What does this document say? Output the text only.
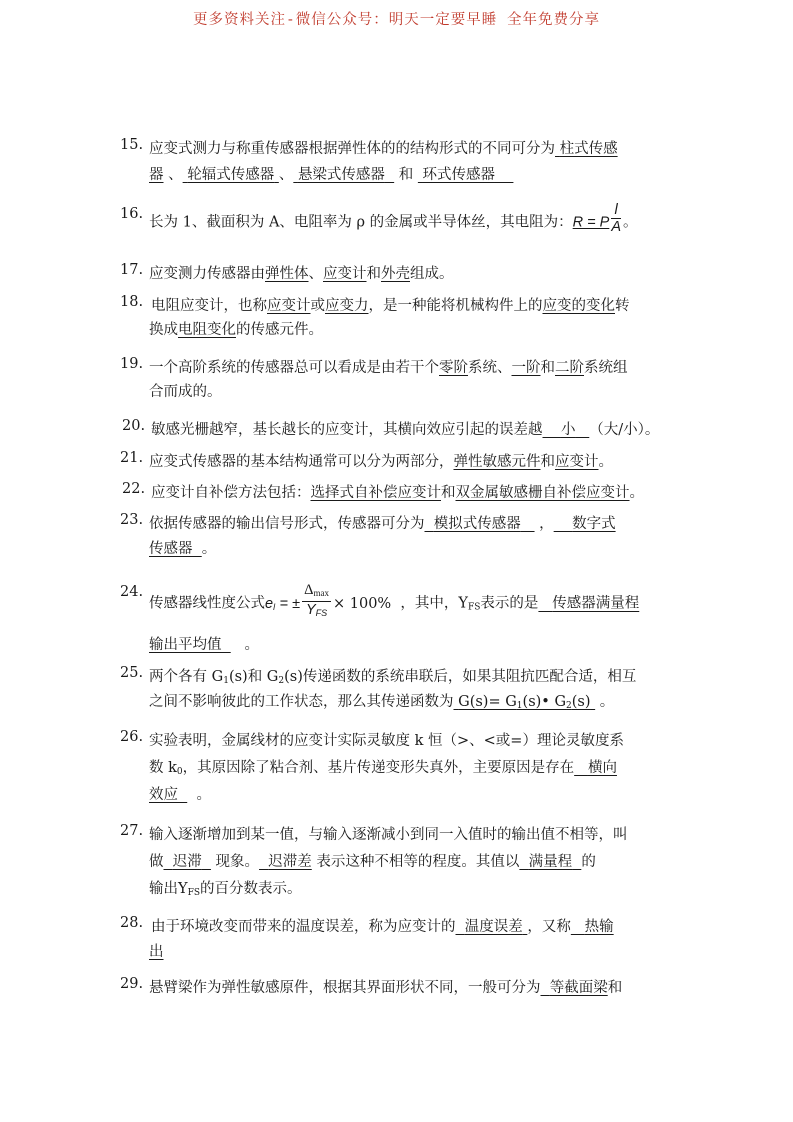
更多资料关注-微信公众号：明天一定要早睡 全年免费分享
15. 应变式测力与称重传感器根据弹性体的的结构形式的不同可分为 柱式传感
器 、 轮辐式传感器 、 悬梁式传感器 和 环式传感器
16.
长为 1、截面积为 A、电阻率为 ρ 的金属或半导体丝，其电阻为：R = P $\frac{l}{A}$ 。
17. 应变测力传感器由弹性体、应变计和外壳组成。
18. 电阻应变计，也称应变计或应变力，是一种能将机械构件上的应变的变化转
换成电阻变化的传感元件。
19. 一个高阶系统的传感器总可以看成是由若干个零阶系统、一阶和二阶系统组
合而成的。
20. 敏感光栅越窄，基长越长的应变计，其横向效应引起的误差越 小 （大/小）。
21. 应变式传感器的基本结构通常可以分为两部分，弹性敏感元件和应变计。
22. 应变计自补偿方法包括：选择式自补偿应变计和双金属敏感栅自补偿应变计。
23. 依据传感器的输出信号形式，传感器可分为 模拟式传感器 ， 数字式
传感器 。
24.
传感器线性度公式$e_l$ = ± $\frac{\Delta_{max}}{Y_{FS}} \times 100\%$ ，其中，$Y_{FS}$表示的是 传感器满量程
输出平均值 。
25. 两个各有 $G_1(s)$和 $G_2(s)$传递函数的系统串联后，如果其阻抗匹配合适，相互
之间不影响彼此的工作状态，那么其传递函数为 $G(s)= G_1(s)•$ $G_2(s)$ 。
26. 实验表明，金属线材的应变计实际灵敏度 k 恒（>、<或=）理论灵敏度系
数 $k_0$，其原因除了粘合剂、基片传递变形失真外，主要原因是存在 横向
效应 。
27. 输入逐渐增加到某一值，与输入逐渐减小到同一入值时的输出值不相等，叫
做 迟滞 现象。 迟滞差 表示这种不相等的程度。其值以 满量程 的
输出$Y_{FS}$的百分数表示。
28. 由于环境改变而带来的温度误差，称为应变计的 温度误差 ，又称 热输
出
29. 悬臂梁作为弹性敏感原件，根据其界面形状不同，一般可分为 等截面梁和
